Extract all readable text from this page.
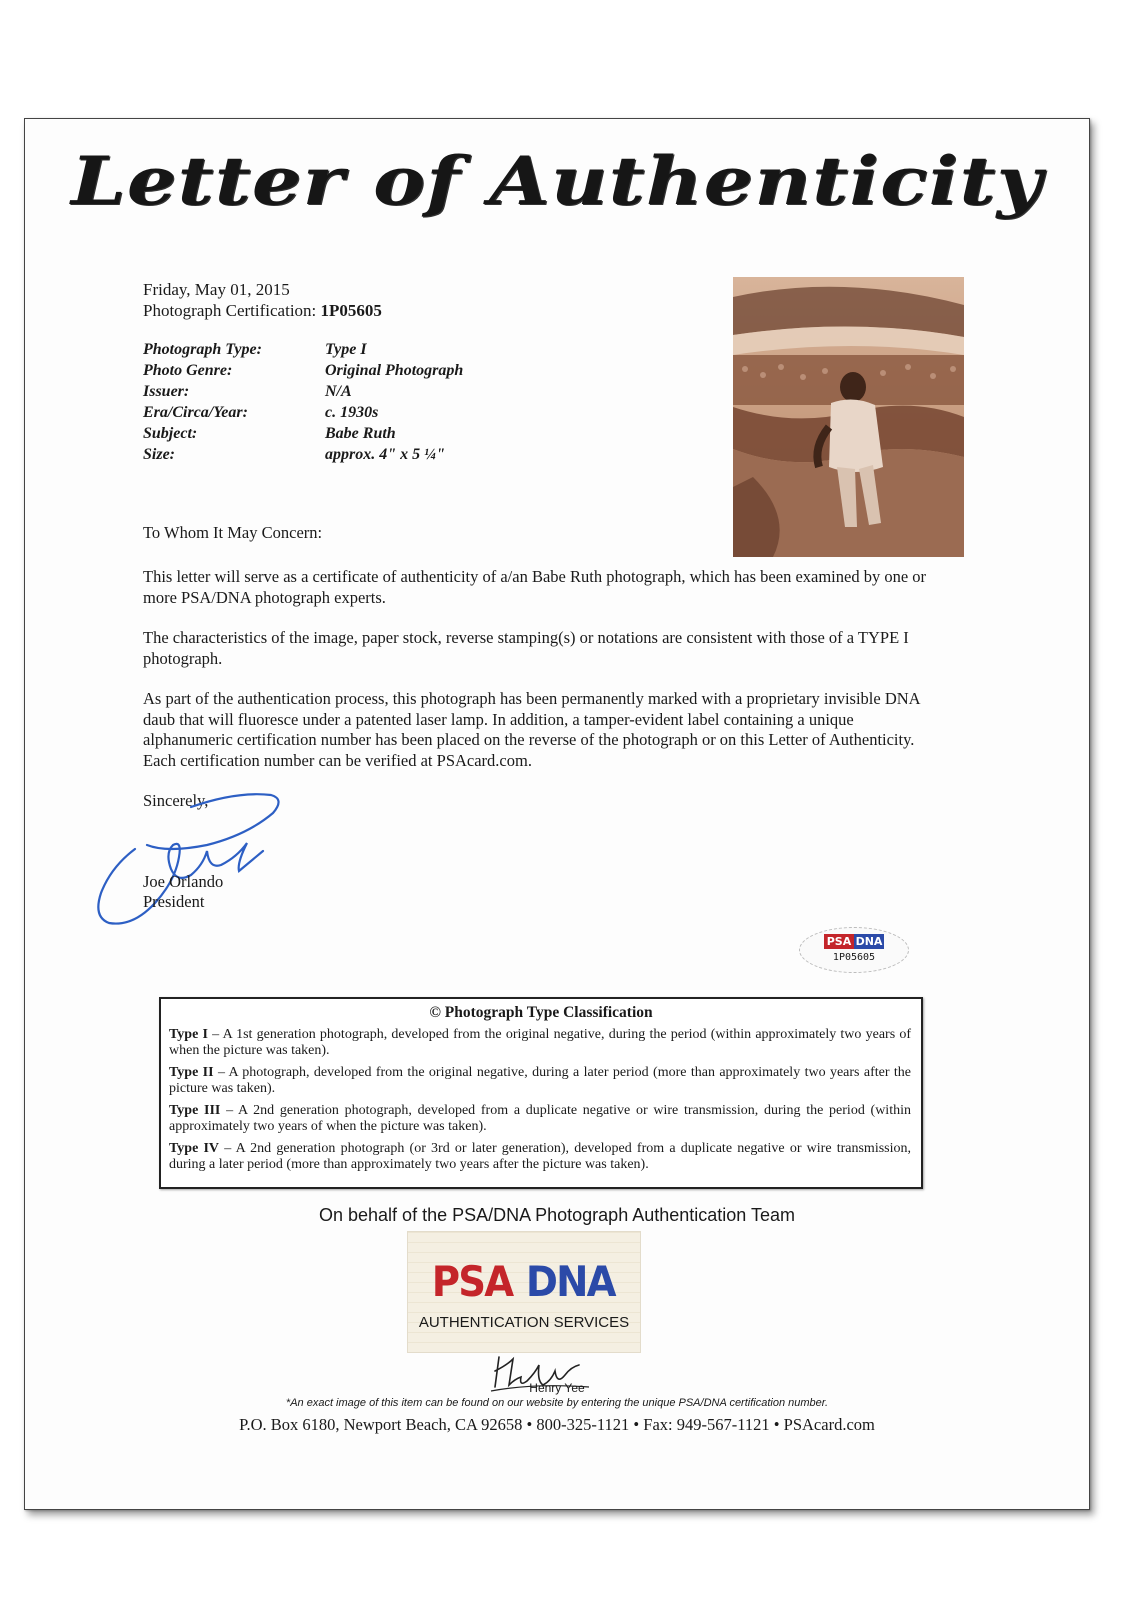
Letter of Authenticity
Friday, May 01, 2015
Photograph Certification: 1P05605
Photograph Type:	Type I
Photo Genre:	Original Photograph
Issuer:	N/A
Era/Circa/Year:	c. 1930s
Subject:	Babe Ruth
Size:	approx. 4" x 5 ¼"
To Whom It May Concern:
This letter will serve as a certificate of authenticity of a/an Babe Ruth photograph, which has been examined by one or more PSA/DNA photograph experts.
The characteristics of the image, paper stock, reverse stamping(s) or notations are consistent with those of a TYPE I photograph.
As part of the authentication process, this photograph has been permanently marked with a proprietary invisible DNA daub that will fluoresce under a patented laser lamp. In addition, a tamper-evident label containing a unique alphanumeric certification number has been placed on the reverse of the photograph or on this Letter of Authenticity. Each certification number can be verified at PSAcard.com.
Sincerely,
Joe Orlando
President
PSA DNA
1P05605
© Photograph Type Classification
Type I – A 1st generation photograph, developed from the original negative, during the period (within approximately two years of when the picture was taken).
Type II – A photograph, developed from the original negative, during a later period (more than approximately two years after the picture was taken).
Type III – A 2nd generation photograph, developed from a duplicate negative or wire transmission, during the period (within approximately two years of when the picture was taken).
Type IV – A 2nd generation photograph (or 3rd or later generation), developed from a duplicate negative or wire transmission, during a later period (more than approximately two years after the picture was taken).
On behalf of the PSA/DNA Photograph Authentication Team
PSA DNA
AUTHENTICATION SERVICES
Henry Yee
*An exact image of this item can be found on our website by entering the unique PSA/DNA certification number.
P.O. Box 6180, Newport Beach, CA 92658 • 800-325-1121 • Fax: 949-567-1121 • PSAcard.com
